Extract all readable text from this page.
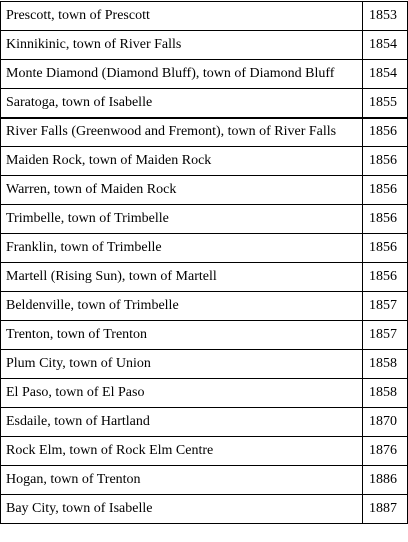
Prescott, town of Prescott	1853
Kinnikinic, town of River Falls	1854
Monte Diamond (Diamond Bluff), town of Diamond Bluff	1854
Saratoga, town of Isabelle	1855
River Falls (Greenwood and Fremont), town of River Falls	1856
Maiden Rock, town of Maiden Rock	1856
Warren, town of Maiden Rock	1856
Trimbelle, town of Trimbelle	1856
Franklin, town of Trimbelle	1856
Martell (Rising Sun), town of Martell	1856
Beldenville, town of Trimbelle	1857
Trenton, town of Trenton	1857
Plum City, town of Union	1858
El Paso, town of El Paso	1858
Esdaile, town of Hartland	1870
Rock Elm, town of Rock Elm Centre	1876
Hogan, town of Trenton	1886
Bay City, town of Isabelle	1887
